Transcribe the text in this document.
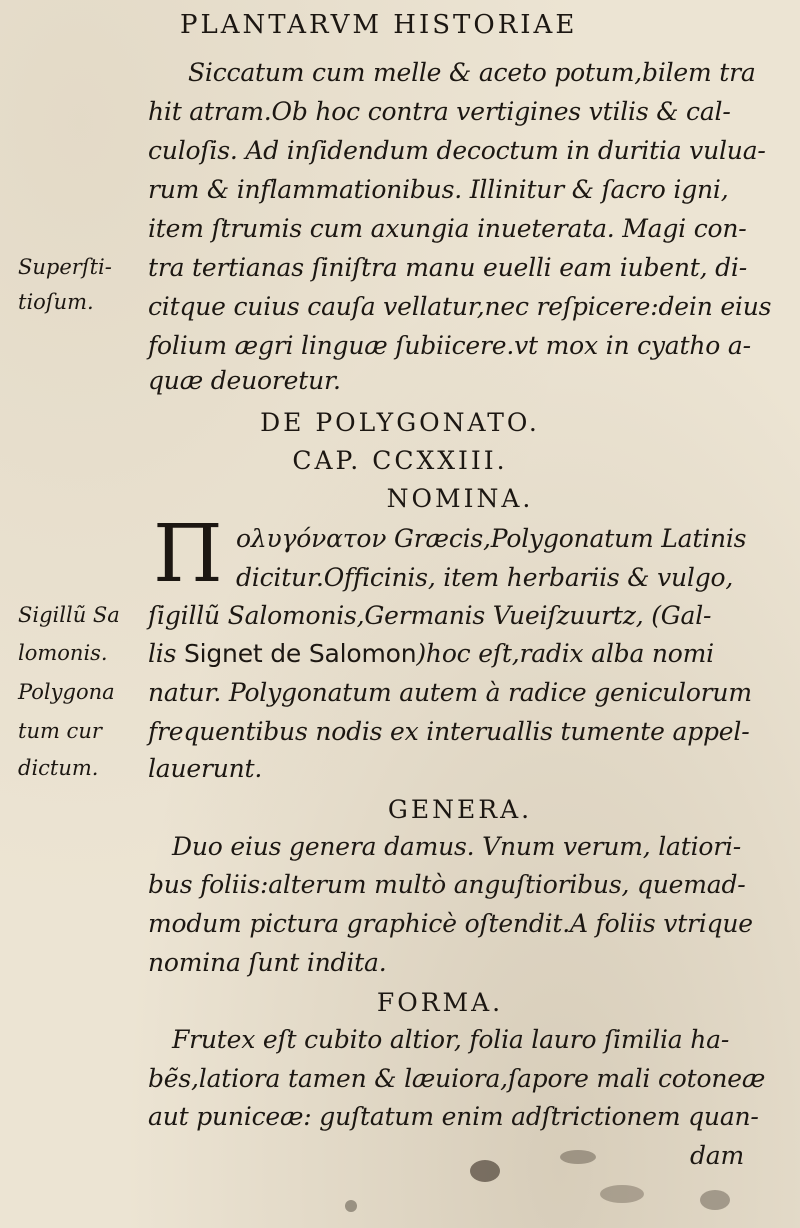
PLANTARVM HISTORIAE
Siccatum cum melle & aceto potum,bilem tra
hit atram.Ob hoc contra vertigines vtilis & cal-
culoſis. Ad inſidendum decoctum in duritia vulua-
rum & inflammationibus. Illinitur & ſacro igni,
item ſtrumis cum axungia inueterata. Magi con-
tra tertianas ſiniſtra manu euelli eam iubent, di-
citque cuius cauſa vellatur,nec reſpicere:dein eius
folium ægri linguæ ſubiicere.vt mox in cyatho a-
quæ deuoretur.
Superſti-
tioſum.
DE POLYGONATO.
CAP. CCXXIII.
NOMINA.
Π ολυγόνατον Græcis,Polygonatum Latinis
dicitur.Officinis, item herbariis & vulgo,
ſigillũ Salomonis,Germanis Vueiſzuurtz, (Gal-
lis Signet de Salomon)hoc eſt,radix alba nomi
natur. Polygonatum autem à radice geniculorum
frequentibus nodis ex interuallis tumente appel-
lauerunt.
Sigillũ Sa
lomonis.
Polygona
tum cur
dictum.
GENERA.
Duo eius genera damus. Vnum verum, latiori-
bus foliis:alterum multò anguſtioribus, quemad-
modum pictura graphicè oſtendit.A foliis vtrique
nomina ſunt indita.
FORMA.
Frutex eſt cubito altior, folia lauro ſimilia ha-
bẽs,latiora tamen & læuiora,ſapore mali cotoneæ
aut puniceæ: guſtatum enim adſtrictionem quan-
dam
